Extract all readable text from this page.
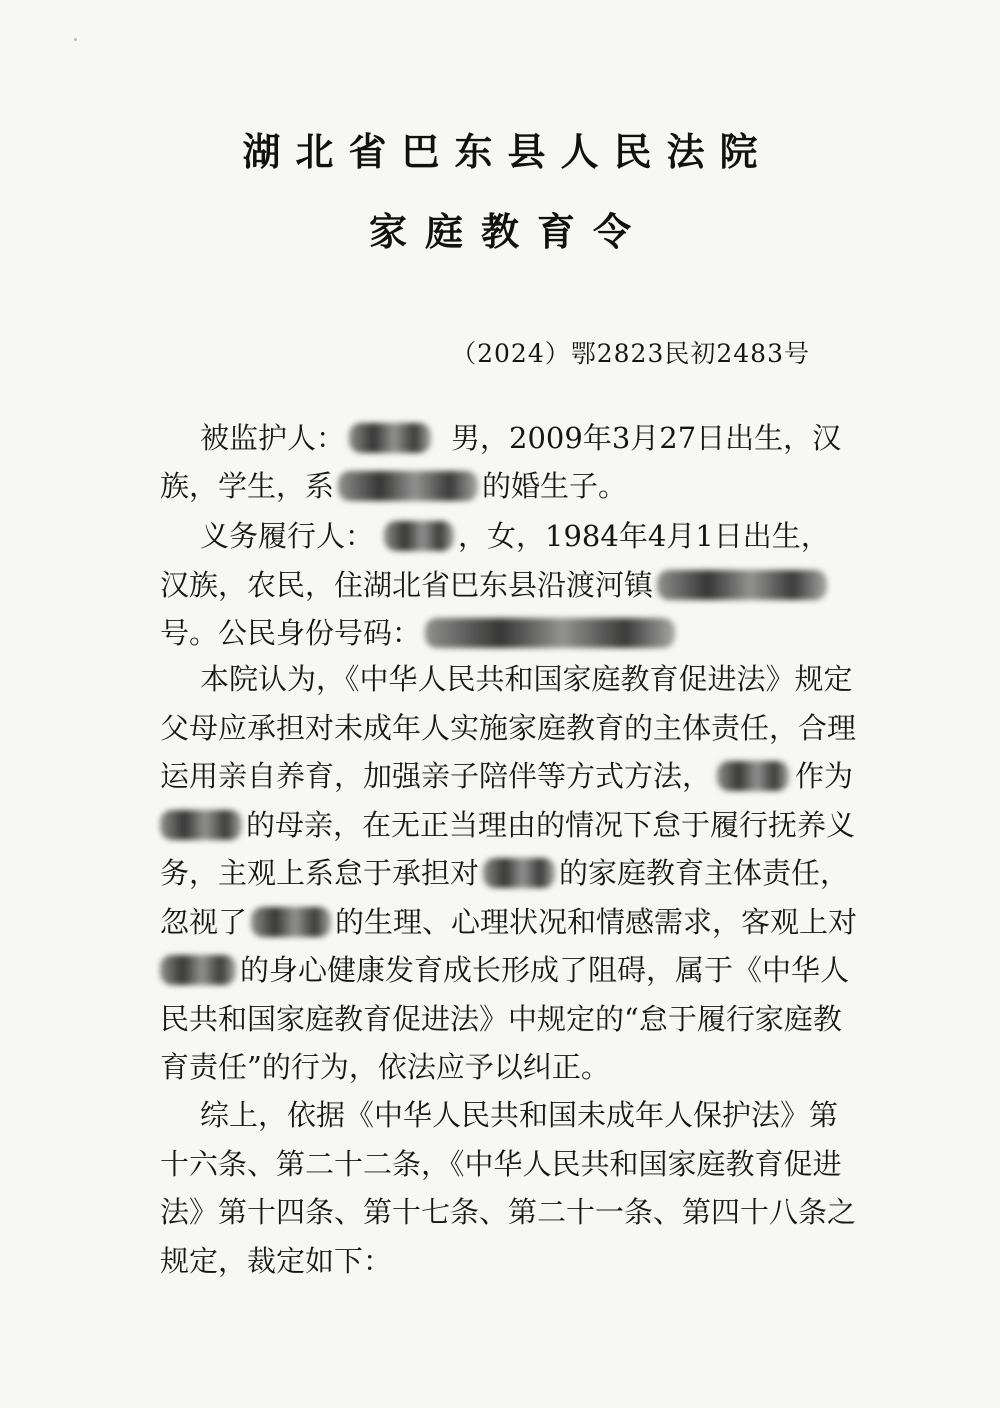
湖北省巴东县人民法院
家庭教育令
（2024）鄂2823民初2483号
被监护人：	男，2009年3月27日出生，汉
族，学生，系	的婚生子。
义务履行人：	，女，1984年4月1日出生，
汉族，农民，住湖北省巴东县沿渡河镇
号。公民身份号码：
本院认为，《中华人民共和国家庭教育促进法》规定
父母应承担对未成年人实施家庭教育的主体责任，合理
运用亲自养育，加强亲子陪伴等方式方法，	作为
的母亲，在无正当理由的情况下怠于履行抚养义
务，主观上系怠于承担对	的家庭教育主体责任，
忽视了	的生理、心理状况和情感需求，客观上对
的身心健康发育成长形成了阻碍，属于《中华人
民共和国家庭教育促进法》中规定的“怠于履行家庭教
育责任”的行为，依法应予以纠正。
综上，依据《中华人民共和国未成年人保护法》第
十六条、第二十二条，《中华人民共和国家庭教育促进
法》第十四条、第十七条、第二十一条、第四十八条之
规定，裁定如下：
